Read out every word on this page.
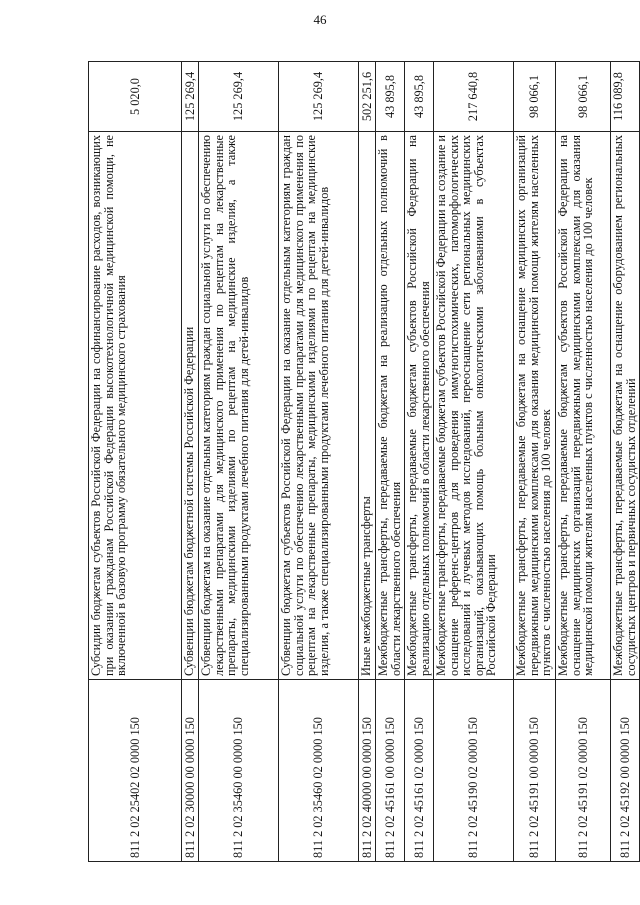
46
811 2 02 25402 02 0000 150	Субсидии бюджетам субъектов Российской Федерации на софинансирование расходов, возникающих при оказании гражданам Российской Федерации высокотехнологичной медицинской помощи, не включенной в базовую программу обязательного медицинского страхования	5 020,0
811 2 02 30000 00 0000 150	Субвенции бюджетам бюджетной системы Российской Федерации	125 269,4
811 2 02 35460 00 0000 150	Субвенции бюджетам на оказание отдельным категориям граждан социальной услуги по обеспечению лекарственными препаратами для медицинского применения по рецептам на лекарственные препараты, медицинскими изделиями по рецептам на медицинские изделия, а также специализированными продуктами лечебного питания для детей-инвалидов	125 269,4
811 2 02 35460 02 0000 150	Субвенции бюджетам субъектов Российской Федерации на оказание отдельным категориям граждан социальной услуги по обеспечению лекарственными препаратами для медицинского применения по рецептам на лекарственные препараты, медицинскими изделиями по рецептам на медицинские изделия, а также специализированными продуктами лечебного питания для детей-инвалидов	125 269,4
811 2 02 40000 00 0000 150	Иные межбюджетные трансферты	502 251,6
811 2 02 45161 00 0000 150	Межбюджетные трансферты, передаваемые бюджетам на реализацию отдельных полномочий в области лекарственного обеспечения	43 895,8
811 2 02 45161 02 0000 150	Межбюджетные трансферты, передаваемые бюджетам субъектов Российской Федерации на реализацию отдельных полномочий в области лекарственного обеспечения	43 895,8
811 2 02 45190 02 0000 150	Межбюджетные трансферты, передаваемые бюджетам субъектов Российской Федерации на создание и оснащение референс-центров для проведения иммуногистохимических, патоморфологических исследований и лучевых методов исследований, переоснащение сети региональных медицинских организаций, оказывающих помощь больным онкологическими заболеваниями в субъектах Российской Федерации	217 640,8
811 2 02 45191 00 0000 150	Межбюджетные трансферты, передаваемые бюджетам на оснащение медицинских организаций передвижными медицинскими комплексами для оказания медицинской помощи жителям населенных пунктов с численностью населения до 100 человек	98 066,1
811 2 02 45191 02 0000 150	Межбюджетные трансферты, передаваемые бюджетам субъектов Российской Федерации на оснащение медицинских организаций передвижными медицинскими комплексами для оказания медицинской помощи жителям населенных пунктов с численностью населения до 100 человек	98 066,1
811 2 02 45192 00 0000 150	Межбюджетные трансферты, передаваемые бюджетам на оснащение оборудованием региональных сосудистых центров и первичных сосудистых отделений	116 089,8
